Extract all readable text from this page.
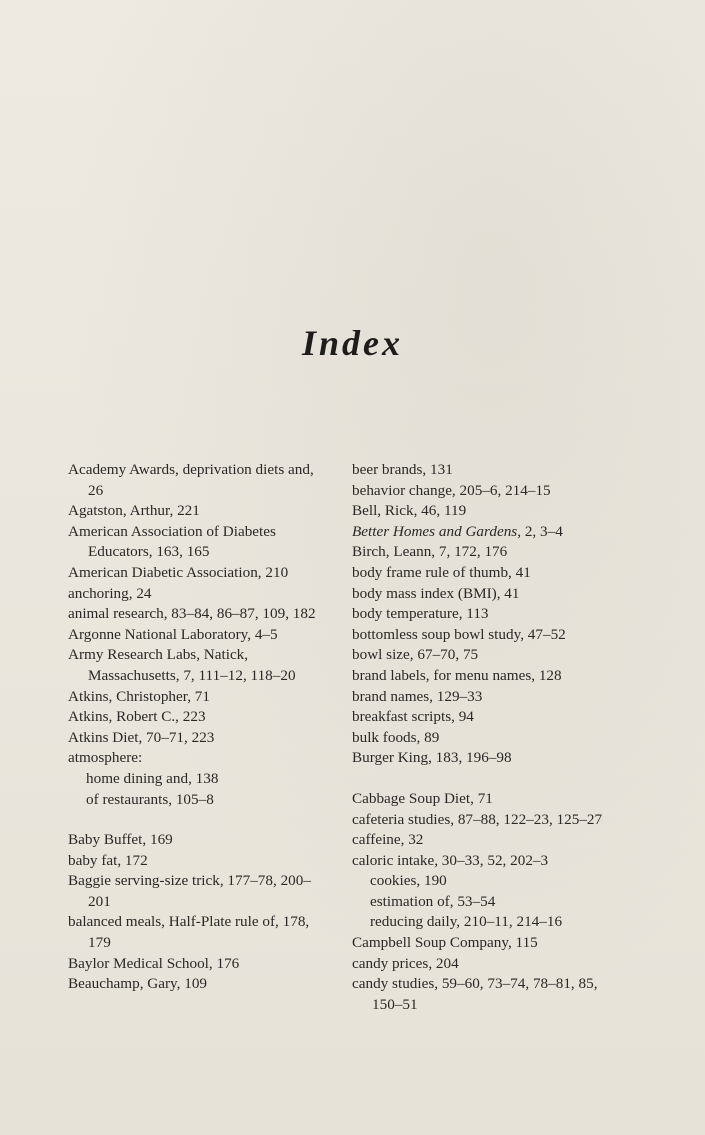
Index
Academy Awards, deprivation diets and, 26
Agatston, Arthur, 221
American Association of Diabetes Educators, 163, 165
American Diabetic Association, 210
anchoring, 24
animal research, 83–84, 86–87, 109, 182
Argonne National Laboratory, 4–5
Army Research Labs, Natick, Massachusetts, 7, 111–12, 118–20
Atkins, Christopher, 71
Atkins, Robert C., 223
Atkins Diet, 70–71, 223
atmosphere:
home dining and, 138
of restaurants, 105–8
Baby Buffet, 169
baby fat, 172
Baggie serving-size trick, 177–78, 200–201
balanced meals, Half-Plate rule of, 178, 179
Baylor Medical School, 176
Beauchamp, Gary, 109
beer brands, 131
behavior change, 205–6, 214–15
Bell, Rick, 46, 119
Better Homes and Gardens, 2, 3–4
Birch, Leann, 7, 172, 176
body frame rule of thumb, 41
body mass index (BMI), 41
body temperature, 113
bottomless soup bowl study, 47–52
bowl size, 67–70, 75
brand labels, for menu names, 128
brand names, 129–33
breakfast scripts, 94
bulk foods, 89
Burger King, 183, 196–98
Cabbage Soup Diet, 71
cafeteria studies, 87–88, 122–23, 125–27
caffeine, 32
caloric intake, 30–33, 52, 202–3
cookies, 190
estimation of, 53–54
reducing daily, 210–11, 214–16
Campbell Soup Company, 115
candy prices, 204
candy studies, 59–60, 73–74, 78–81, 85, 150–51
